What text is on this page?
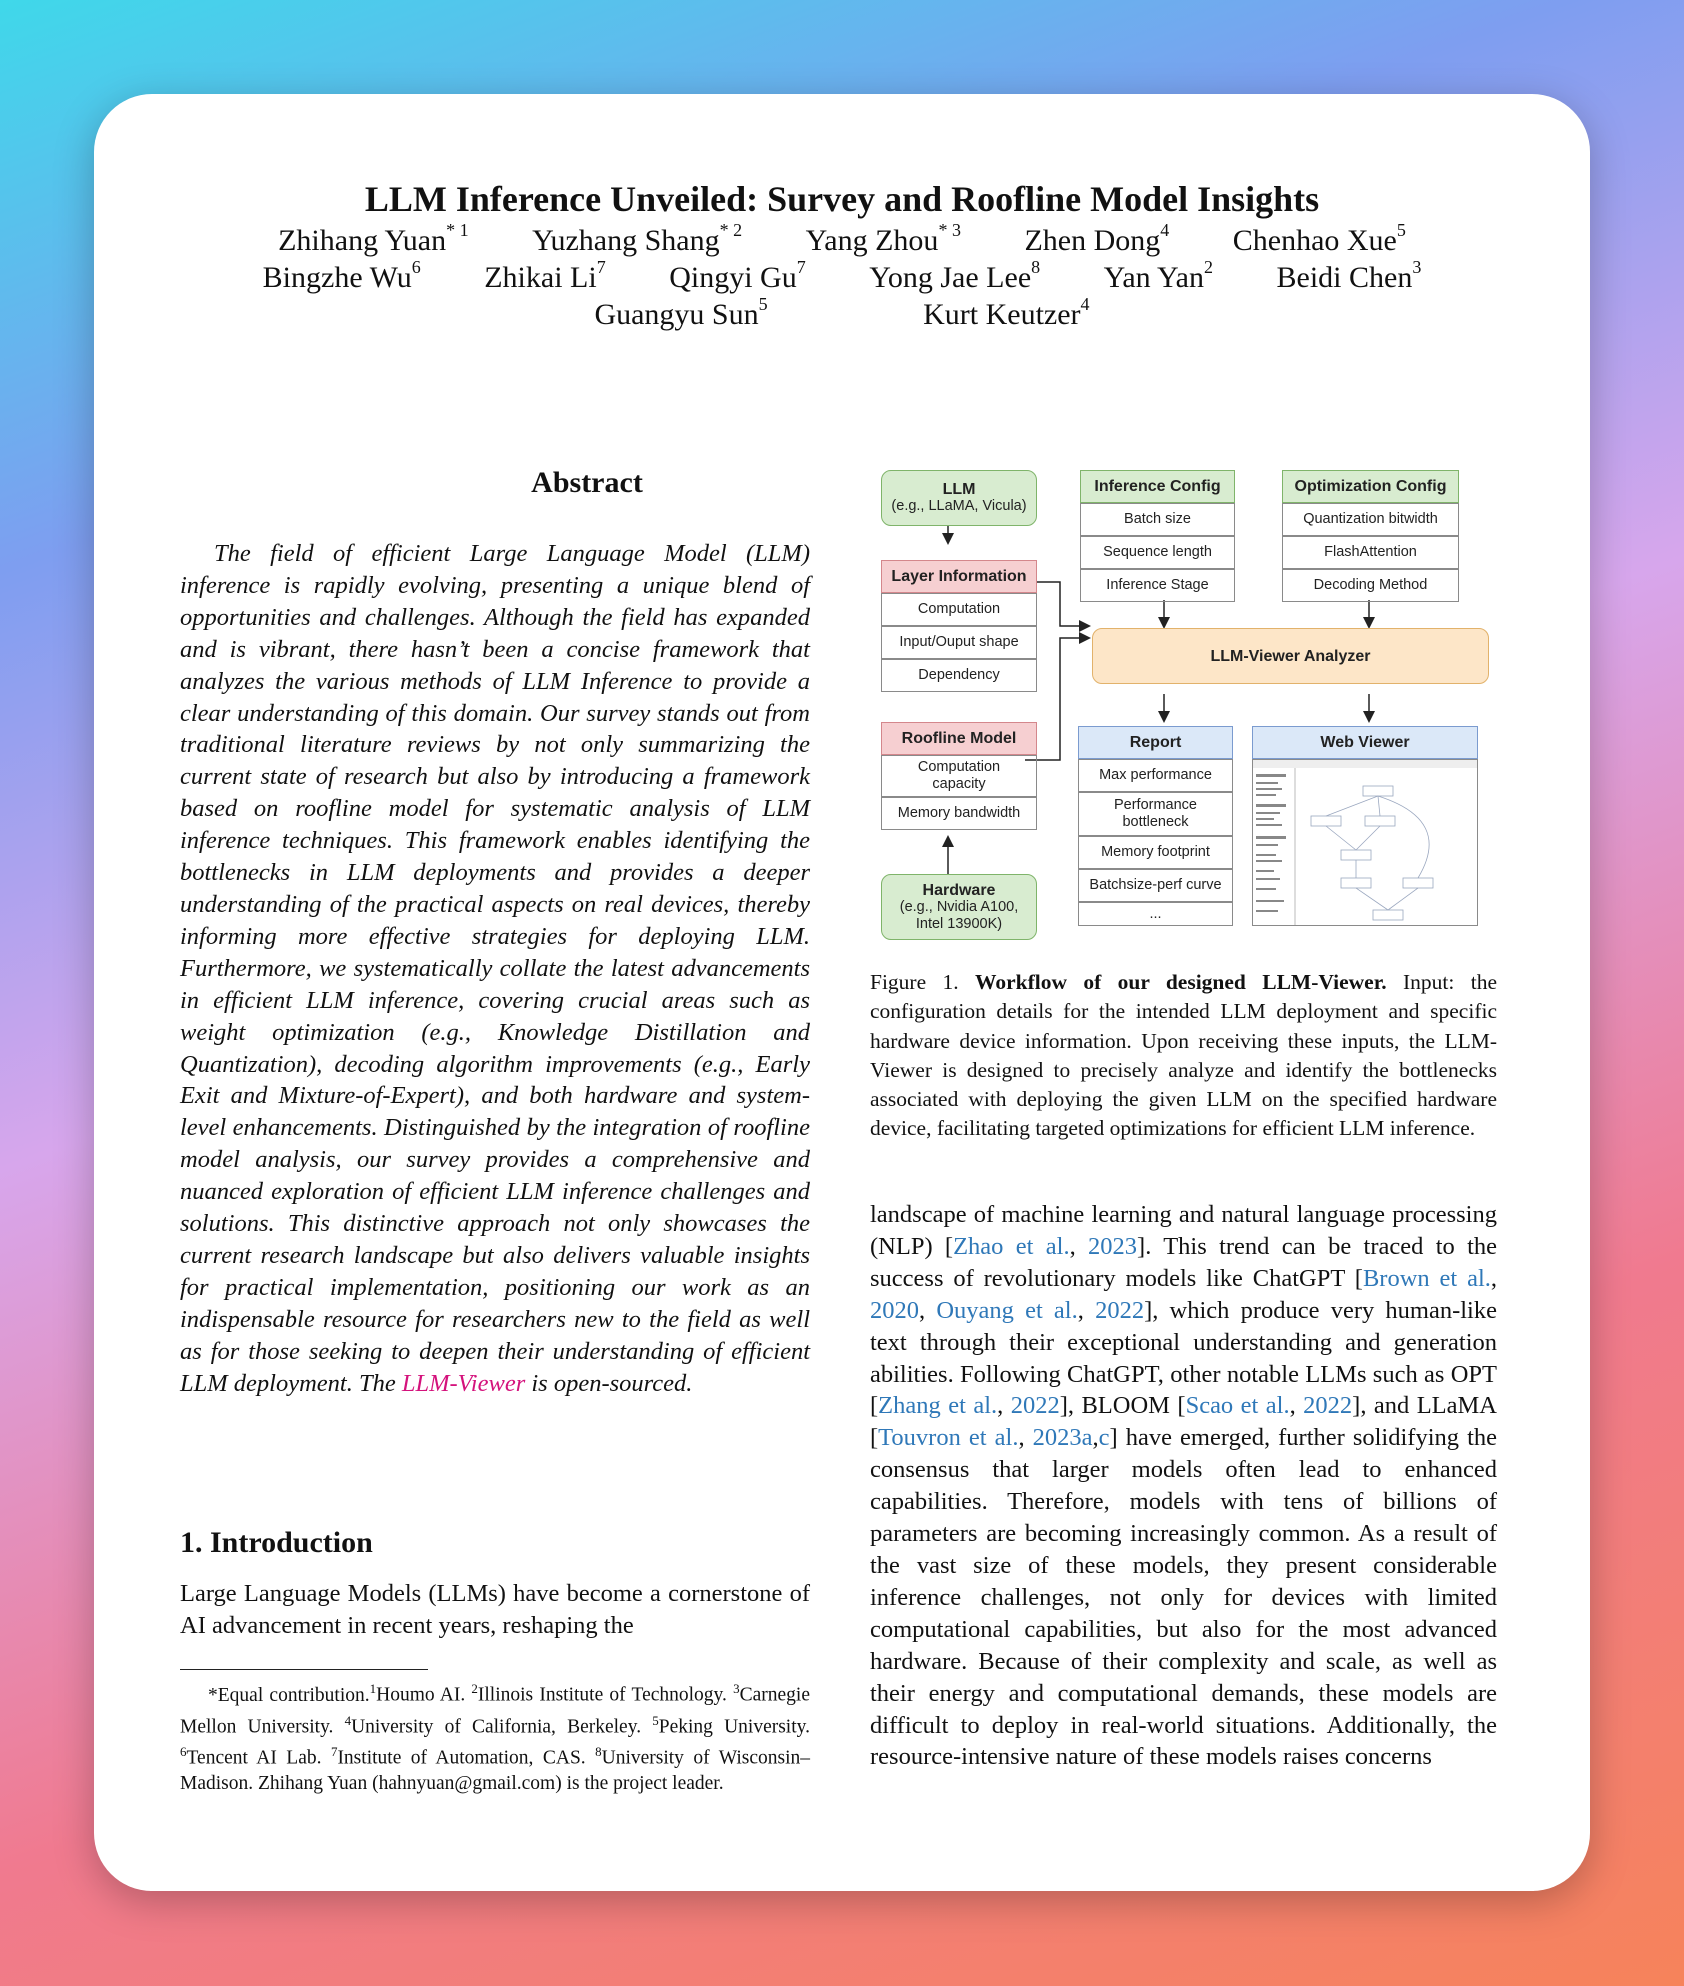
LLM Inference Unveiled: Survey and Roofline Model Insights
Zhihang Yuan$^{* 1}$ Yuzhang Shang$^{* 2}$ Yang Zhou$^{* 3}$ Zhen Dong$^4$ Chenhao Xue$^5$
Bingzhe Wu$^6$ Zhikai Li$^7$ Qingyi Gu$^7$ Yong Jae Lee$^8$ Yan Yan$^2$ Beidi Chen$^3$
Guangyu Sun$^5$	Kurt Keutzer$^4$
Abstract
The field of efficient Large Language Model (LLM) inference is rapidly evolving, presenting a unique blend of opportunities and challenges. Although the field has expanded and is vibrant, there hasn’t been a concise framework that analyzes the various methods of LLM Inference to provide a clear understanding of this domain. Our survey stands out from traditional literature reviews by not only summarizing the current state of research but also by introducing a framework based on roofline model for systematic analysis of LLM inference techniques. This framework enables identifying the bottlenecks in LLM deployments and provides a deeper understanding of the practical aspects on real devices, thereby informing more effective strategies for deploying LLM. Furthermore, we systematically collate the latest advancements in efficient LLM inference, covering crucial areas such as weight optimization (e.g., Knowledge Distillation and Quantization), decoding algorithm improvements (e.g., Early Exit and Mixture-of-Expert), and both hardware and system-level enhancements. Distinguished by the integration of roofline model analysis, our survey provides a comprehensive and nuanced exploration of efficient LLM inference challenges and solutions. This distinctive approach not only showcases the current research landscape but also delivers valuable insights for practical implementation, positioning our work as an indispensable resource for researchers new to the field as well as for those seeking to deepen their understanding of efficient LLM deployment. The LLM-Viewer is open-sourced.
1. Introduction
Large Language Models (LLMs) have become a cornerstone of AI advancement in recent years, reshaping the
*Equal contribution.$^1$Houmo AI. $^2$Illinois Institute of Technology. $^3$Carnegie Mellon University. $^4$University of California, Berkeley. $^5$Peking University. $^6$Tencent AI Lab. $^7$Institute of Automation, CAS. $^8$University of Wisconsin–Madison. Zhihang Yuan (hahnyuan@gmail.com) is the project leader.
LLM
(e.g., LLaMA, Vicula)
Layer Information
Computation
Input/Ouput shape
Dependency
Roofline Model
Computation capacity
Memory bandwidth
Hardware
(e.g., Nvidia A100, Intel 13900K)
Inference Config
Batch size
Sequence length
Inference Stage
Optimization Config
Quantization bitwidth
FlashAttention
Decoding Method
LLM-Viewer Analyzer
Report
Max performance
Performance bottleneck
Memory footprint
Batchsize-perf curve
...
Web Viewer
Figure 1. Workflow of our designed LLM-Viewer. Input: the configuration details for the intended LLM deployment and specific hardware device information. Upon receiving these inputs, the LLM-Viewer is designed to precisely analyze and identify the bottlenecks associated with deploying the given LLM on the specified hardware device, facilitating targeted optimizations for efficient LLM inference.
landscape of machine learning and natural language processing (NLP) [Zhao et al., 2023]. This trend can be traced to the success of revolutionary models like ChatGPT [Brown et al., 2020, Ouyang et al., 2022], which produce very human-like text through their exceptional understanding and generation abilities. Following ChatGPT, other notable LLMs such as OPT [Zhang et al., 2022], BLOOM [Scao et al., 2022], and LLaMA [Touvron et al., 2023a,c] have emerged, further solidifying the consensus that larger models often lead to enhanced capabilities. Therefore, models with tens of billions of parameters are becoming increasingly common. As a result of the vast size of these models, they present considerable inference challenges, not only for devices with limited computational capabilities, but also for the most advanced hardware. Because of their complexity and scale, as well as their energy and computational demands, these models are difficult to deploy in real-world situations. Additionally, the resource-intensive nature of these models raises concerns
